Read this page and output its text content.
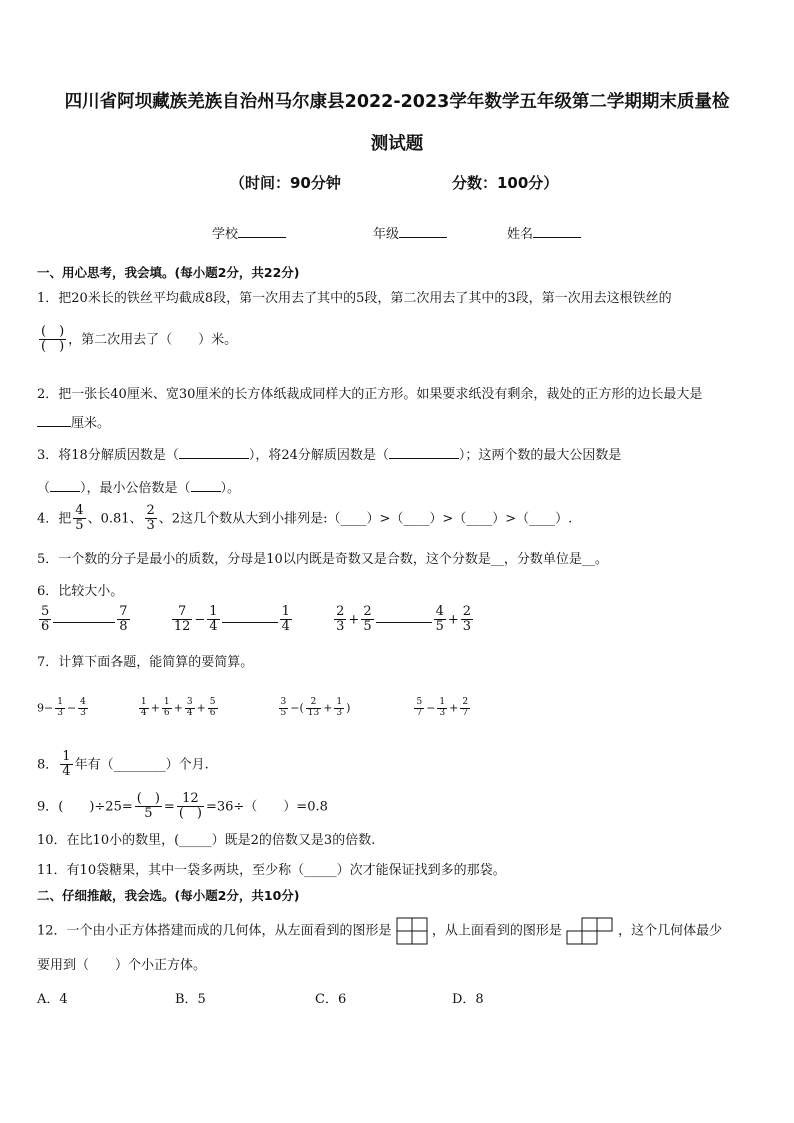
四川省阿坝藏族羌族自治州马尔康县2022-2023学年数学五年级第二学期期末质量检
测试题
（时间：90分钟	分数：100分）
学校	年级	姓名
一、用心思考，我会填。(每小题2分，共22分)
1．把20米长的铁丝平均截成8段，第一次用去了其中的5段，第二次用去了其中的3段，第一次用去这根铁丝的
(　)
(　) ，第二次用去了（　　）米。
2．把一张长40厘米、宽30厘米的长方体纸裁成同样大的正方形。如果要求纸没有剩余，裁处的正方形的边长最大是
厘米。
3．将18分解质因数是（	），将24分解质因数是（	）；这两个数的最大公因数是
（ ），最小公倍数是（ ）。
4．把 $\frac{4}{5}$ 、0.81、 $\frac{2}{3}$ 、2这几个数从大到小排列是:（____）>（____）>（____）>（____）.
5．一个数的分子是最小的质数，分母是10以内既是奇数又是合数，这个分数是__，分数单位是__。
6．比较大小。
$\frac{5}{6}$	$\frac{7}{8}$
	$\frac{7}{12} - \frac{1}{4}$	$\frac{1}{4}$
	$\frac{2}{3} + \frac{2}{5}$	$\frac{4}{5} + \frac{2}{3}$
7．计算下面各题，能简算的要简算。
$9- \frac{1}{3} - \frac{4}{3}$
	$\frac{1}{4} + \frac{1}{6} + \frac{3}{4} + \frac{5}{6}$
	$\frac{3}{5}$ −( $\frac{2}{13} + \frac{1}{3}$ )	$\frac{5}{7} - \frac{1}{3} + \frac{2}{7}$
8． $\frac{1}{4}$ 年有（________）个月.
9．(　　)÷25=
(　)
5 =
12
(　) =36÷（　　）=0.8
10．在比10小的数里，(_____）既是2的倍数又是3的倍数.
11．有10袋糖果，其中一袋多两块，至少称（_____）次才能保证找到多的那袋。
二、仔细推敲，我会选。(每小题2分，共10分)
12．一个由小正方体搭建而成的几何体，从左面看到的图形是	，从上面看到的图形是	，这个几何体最少
要用到（　　）个小正方体。
A．4	B．5	C．6	D．8
